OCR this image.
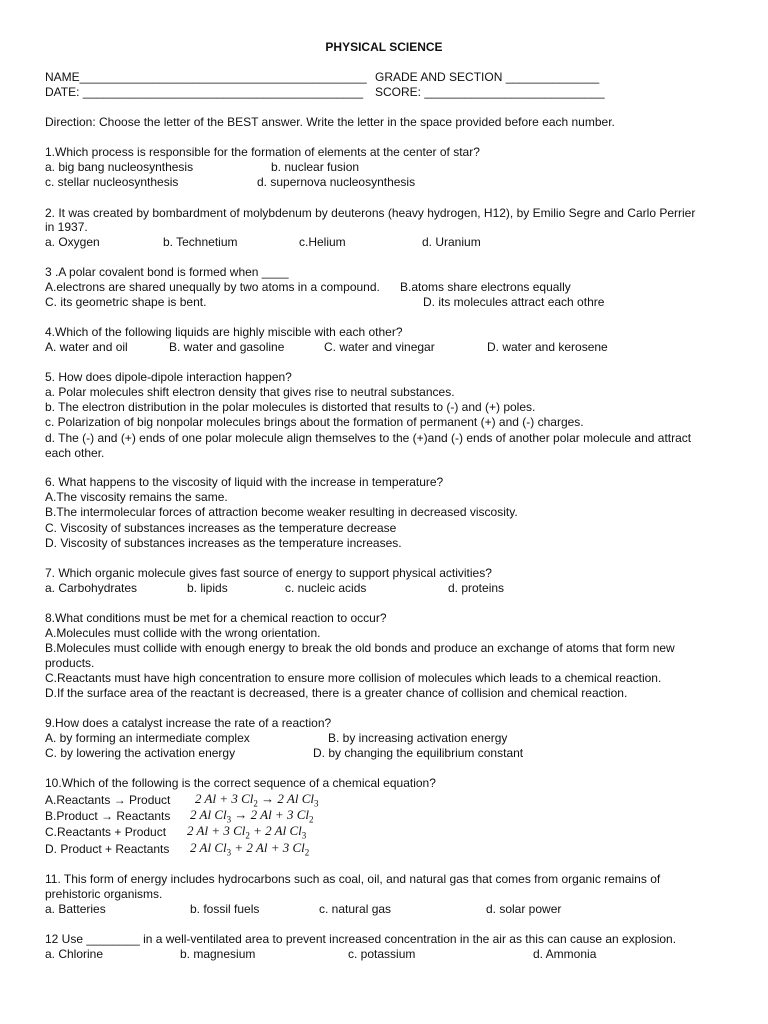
PHYSICAL SCIENCE
NAME___________________________________________ GRADE AND SECTION ______________
DATE: __________________________________________ SCORE: ___________________________
Direction: Choose the letter of the BEST answer. Write the letter in the space provided before each number.
1.Which process is responsible for the formation of elements at the center of star?
a. big bang nucleosynthesis	b. nuclear fusion
c. stellar nucleosynthesis	d. supernova nucleosynthesis
2. It was created by bombardment of molybdenum by deuterons (heavy hydrogen, H12), by Emilio Segre and Carlo Perrier
in 1937.
a. Oxygen	b. Technetium	c.Helium	d. Uranium
3 .A polar covalent bond is formed when ____
A.electrons are shared unequally by two atoms in a compound. B.atoms share electrons equally
C. its geometric shape is bent.	D. its molecules attract each othre
4.Which of the following liquids are highly miscible with each other?
A. water and oil	B. water and gasoline	C. water and vinegar	D. water and kerosene
5. How does dipole-dipole interaction happen?
a. Polar molecules shift electron density that gives rise to neutral substances.
b. The electron distribution in the polar molecules is distorted that results to (-) and (+) poles.
c. Polarization of big nonpolar molecules brings about the formation of permanent (+) and (-) charges.
d. The (-) and (+) ends of one polar molecule align themselves to the (+)and (-) ends of another polar molecule and attract
each other.
6. What happens to the viscosity of liquid with the increase in temperature?
A.The viscosity remains the same.
B.The intermolecular forces of attraction become weaker resulting in decreased viscosity.
C. Viscosity of substances increases as the temperature decrease
D. Viscosity of substances increases as the temperature increases.
7. Which organic molecule gives fast source of energy to support physical activities?
a. Carbohydrates	b. lipids	c. nucleic acids	d. proteins
8.What conditions must be met for a chemical reaction to occur?
A.Molecules must collide with the wrong orientation.
B.Molecules must collide with enough energy to break the old bonds and produce an exchange of atoms that form new
products.
C.Reactants must have high concentration to ensure more collision of molecules which leads to a chemical reaction.
D.If the surface area of the reactant is decreased, there is a greater chance of collision and chemical reaction.
9.How does a catalyst increase the rate of a reaction?
A. by forming an intermediate complex	B. by increasing activation energy
C. by lowering the activation energy	D. by changing the equilibrium constant
10.Which of the following is the correct sequence of a chemical equation?
A.Reactants → Product 2 Al + 3 $Cl_2 \to 2$ Al $Cl_3$
B.Product → Reactants 2 Al $Cl_3 \to 2$ Al + 3 $Cl_2$
C.Reactants + Product 2 Al + 3 $Cl_2 + 2$ Al $Cl_3$
D. Product + Reactants 2 Al $Cl_3 + 2$ Al + 3 $Cl_2$
11. This form of energy includes hydrocarbons such as coal, oil, and natural gas that comes from organic remains of
prehistoric organisms.
a. Batteries	b. fossil fuels	c. natural gas	d. solar power
12 Use ________ in a well-ventilated area to prevent increased concentration in the air as this can cause an explosion.
a. Chlorine	b. magnesium	c. potassium	d. Ammonia
